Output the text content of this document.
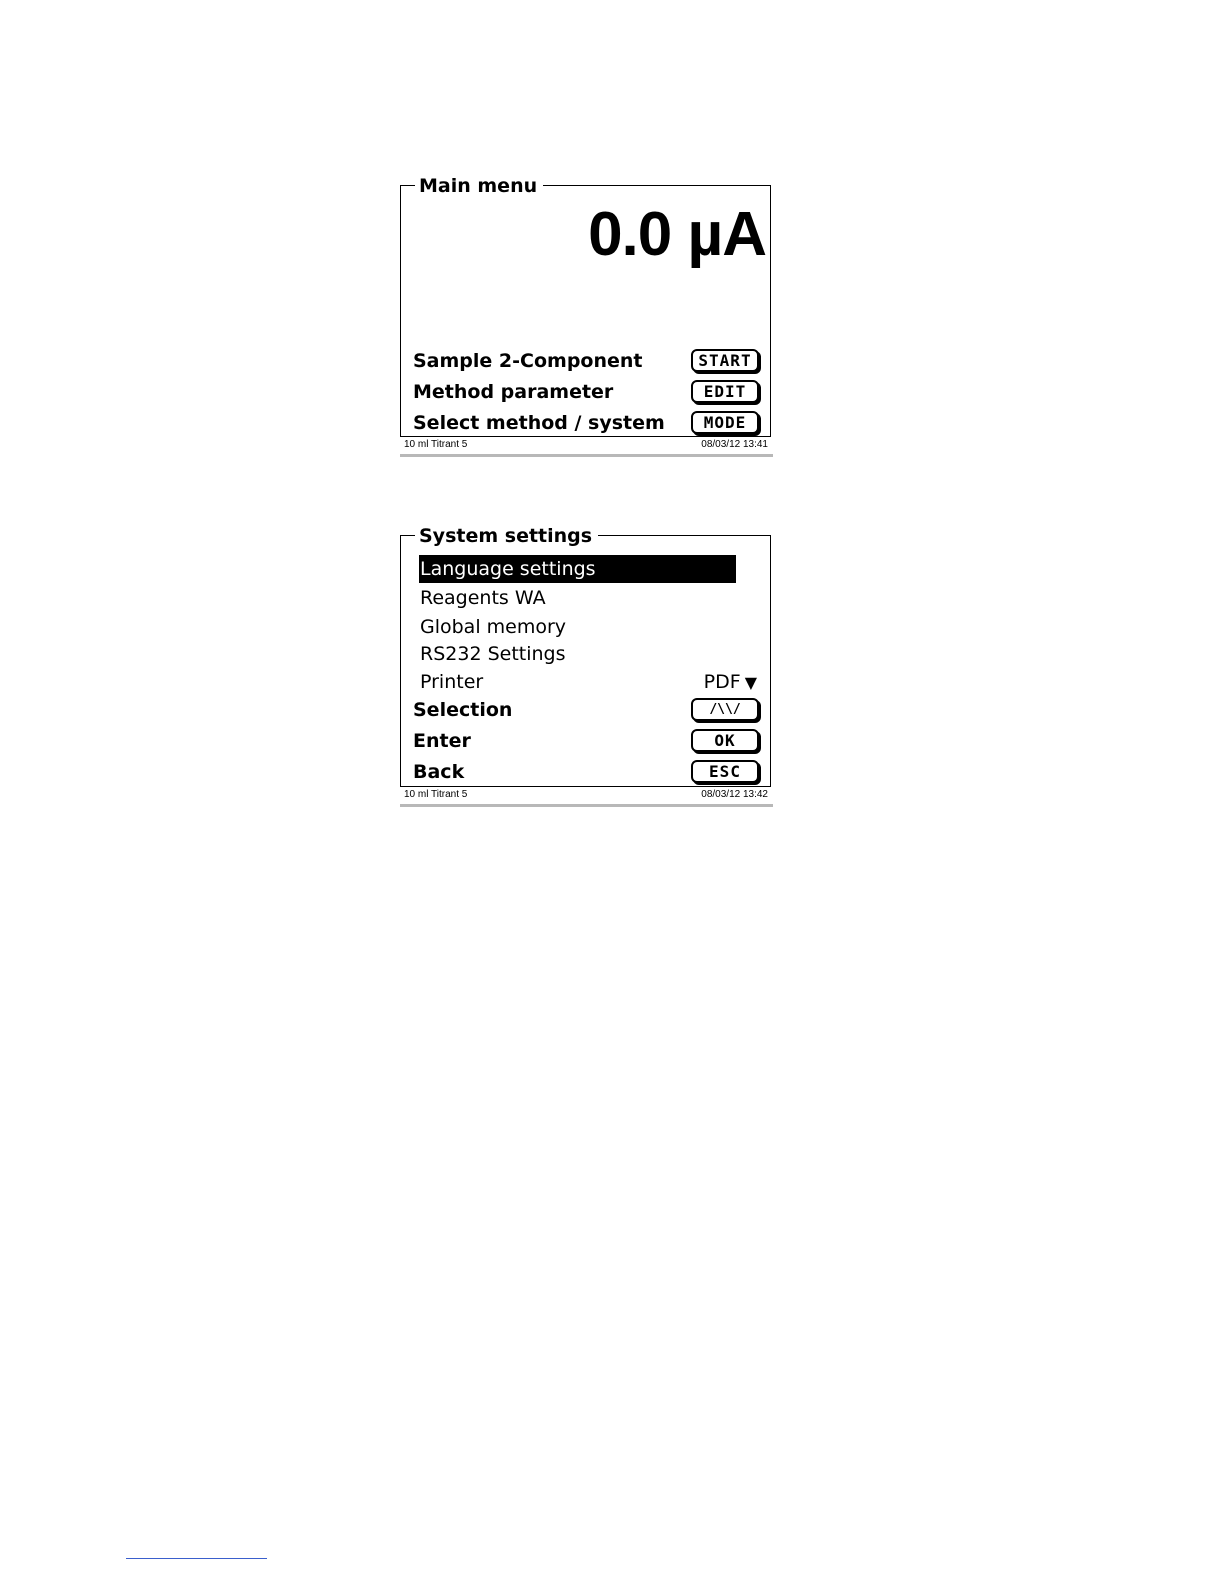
Main menu
0.0 µA
Sample 2-Component	START
Method parameter	EDIT
Select method / system	MODE
10 ml Titrant 5	08/03/12 13:41
System settings
Language settings
Reagents WA
Global memory
RS232 Settings
Printer	PDF ▼
Selection	/\\/
Enter	OK
Back	ESC
10 ml Titrant 5	08/03/12 13:42
